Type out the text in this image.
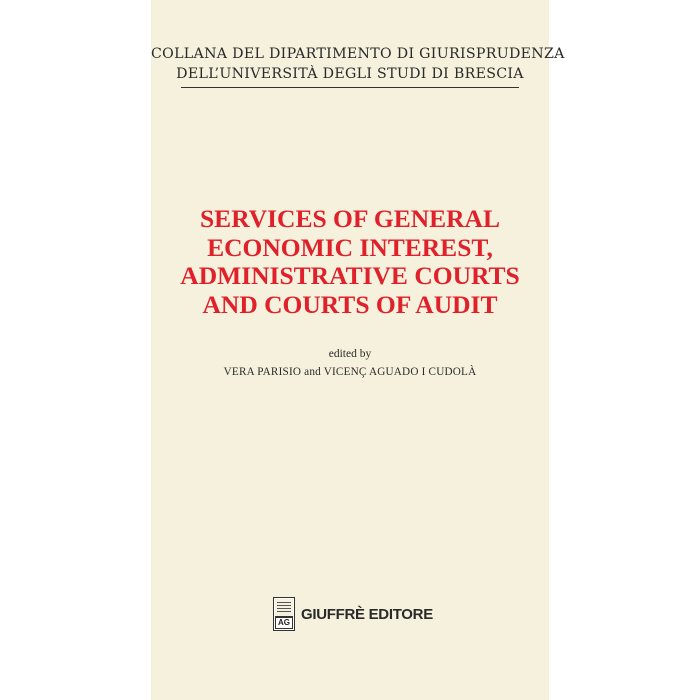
COLLANA DEL DIPARTIMENTO DI GIURISPRUDENZA
DELL’UNIVERSITÀ DEGLI STUDI DI BRESCIA
SERVICES OF GENERAL
ECONOMIC INTEREST,
ADMINISTRATIVE COURTS
AND COURTS OF AUDIT
edited by
VERA PARISIO and VICENÇ AGUADO I CUDOLÀ
AG GIUFFRÈ EDITORE
